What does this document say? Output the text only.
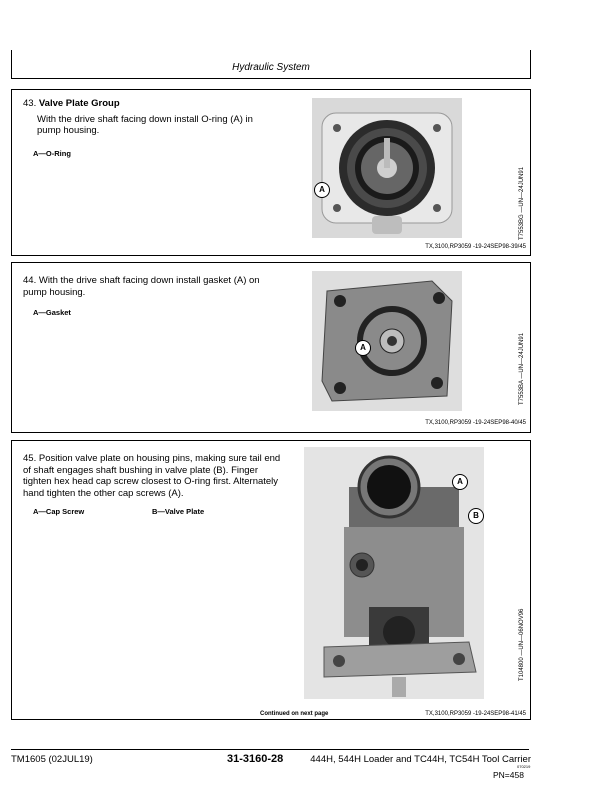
Hydraulic System
43. Valve Plate Group
With the drive shaft facing down install O-ring (A) in pump housing.
A—O-Ring
A	T7553BG —UN—24JUN91
TX,3100,RP3059 -19-24SEP98-39/45
44. With the drive shaft facing down install gasket (A) on pump housing.
A—Gasket
A	T7553BA —UN—24JUN91
TX,3100,RP3059 -19-24SEP98-40/45
45. Position valve plate on housing pins, making sure tail end of shaft engages shaft bushing in valve plate (B). Finger tighten hex head cap screw closest to O-ring first. Alternately hand tighten the other cap screws (A).
A—Cap Screw	B—Valve Plate
A
B
T104800 —UN—06NOV96
Continued on next page	TX,3100,RP3059 -19-24SEP98-41/45
TM1605 (02JUL19)	31-3160-28	444H, 544H Loader and TC44H, TC54H Tool Carrier
070219
PN=458
